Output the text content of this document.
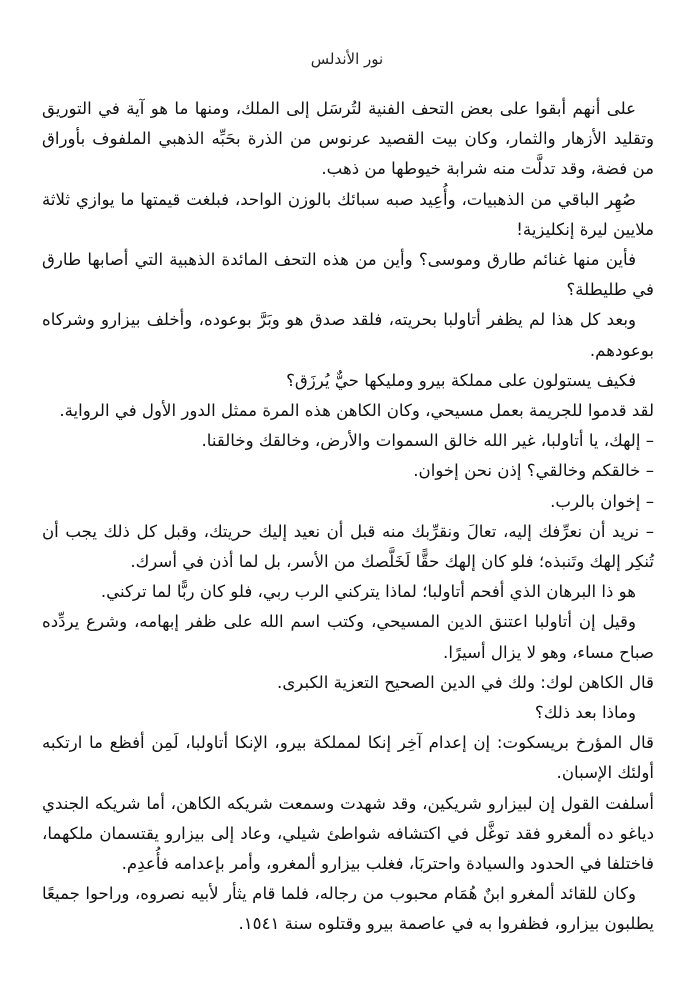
نور الأندلس

على أنهم أبقوا على بعض التحف الفنية لتُرسَل إلى الملك، ومنها ما هو آية في التوريق وتقليد الأزهار والثمار، وكان بيت القصيد عرنوس من الذرة بحَبِّه الذهبي الملفوف بأوراق من فضة، وقد تدلَّت منه شرابة خيوطها من ذهب.

صُهِر الباقي من الذهبيات، وأُعِيد صبه سبائك بالوزن الواحد، فبلغت قيمتها ما يوازي ثلاثة ملايين ليرة إنكليزية!

فأين منها غنائم طارق وموسى؟ وأين من هذه التحف المائدة الذهبية التي أصابها طارق في طليطلة؟

وبعد كل هذا لم يظفر أتاولبا بحريته، فلقد صدق هو وبَرَّ بوعوده، وأخلف بيزارو وشركاه بوعودهم.

فكيف يستولون على مملكة بيرو ومليكها حيٌّ يُرزَق؟

لقد قدموا للجريمة بعمل مسيحي، وكان الكاهن هذه المرة ممثل الدور الأول في الرواية.

– إلهك، يا أتاولبا، غير الله خالق السموات والأرض، وخالقك وخالقنا.

– خالقكم وخالقي؟ إذن نحن إخوان.

– إخوان بالرب.

– نريد أن نعرِّفك إليه، تعالَ ونقرِّبك منه قبل أن نعيد إليك حريتك، وقبل كل ذلك يجب أن تُنكِر إلهك وتَنبذه؛ فلو كان إلهك حقًّا لَخَلَّصك من الأسر، بل لما أذن في أسرك.

هو ذا البرهان الذي أفحم أتاولبا؛ لماذا يتركني الرب ربي، فلو كان ربًّا لما تركني.

وقيل إن أتاولبا اعتنق الدين المسيحي، وكتب اسم الله على ظفر إبهامه، وشرع يردِّده صباح مساء، وهو لا يزال أسيرًا.

قال الكاهن لوك: ولك في الدين الصحيح التعزية الكبرى.

وماذا بعد ذلك؟

قال المؤرخ بريسكوت: إن إعدام آخِر إنكا لمملكة بيرو، الإنكا أتاولبا، لَمِن أفظع ما ارتكبه أولئك الإسبان.

أسلفت القول إن لبيزارو شريكين، وقد شهدت وسمعت شريكه الكاهن، أما شريكه الجندي دياغو ده ألمغرو فقد توغَّل في اكتشافه شواطئ شيلي، وعاد إلى بيزارو يقتسمان ملكهما، فاختلفا في الحدود والسيادة واحتربَا، فغلب بيزارو ألمغرو، وأمر بإعدامه فأُعدِم.

وكان للقائد ألمغرو ابنٌ هُمَام محبوب من رجاله، فلما قام يثأر لأبيه نصروه، وراحوا جميعًا يطلبون بيزارو، فظفروا به في عاصمة بيرو وقتلوه سنة ١٥٤١.
